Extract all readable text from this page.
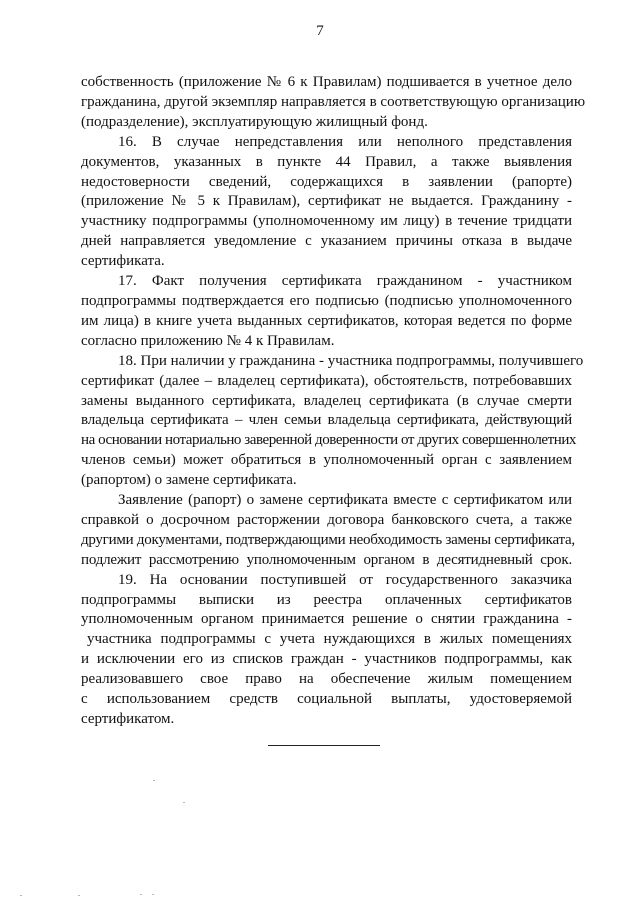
7

собственность (приложение № 6 к Правилам) подшивается в учетное дело
гражданина, другой экземпляр направляется в соответствующую организацию
(подразделение), эксплуатирующую жилищный фонд.

16. В случае непредставления или неполного представления
документов, указанных в пункте 44 Правил, а также выявления
недостоверности сведений, содержащихся в заявлении (рапорте)
(приложение № 5 к Правилам), сертификат не выдается. Гражданину -
участнику подпрограммы (уполномоченному им лицу) в течение тридцати
дней направляется уведомление с указанием причины отказа в выдаче
сертификата.

17. Факт получения сертификата гражданином - участником
подпрограммы подтверждается его подписью (подписью уполномоченного
им лица) в книге учета выданных сертификатов, которая ведется по форме
согласно приложению № 4 к Правилам.

18. При наличии у гражданина - участника подпрограммы, получившего
сертификат (далее – владелец сертификата), обстоятельств, потребовавших
замены выданного сертификата, владелец сертификата (в случае смерти
владельца сертификата – член семьи владельца сертификата, действующий
на основании нотариально заверенной доверенности от других совершеннолетних
членов семьи) может обратиться в уполномоченный орган с заявлением
(рапортом) о замене сертификата.

Заявление (рапорт) о замене сертификата вместе с сертификатом или
справкой о досрочном расторжении договора банковского счета, а также
другими документами, подтверждающими необходимость замены сертификата,
подлежит рассмотрению уполномоченным органом в десятидневный срок.

19. На основании поступившей от государственного заказчика
подпрограммы выписки из реестра оплаченных сертификатов
уполномоченным органом принимается решение о снятии гражданина -
участника подпрограммы с учета нуждающихся в жилых помещениях
и исключении его из списков граждан - участников подпрограммы, как
реализовавшего свое право на обеспечение жилым помещением
с использованием средств социальной выплаты, удостоверяемой
сертификатом.
